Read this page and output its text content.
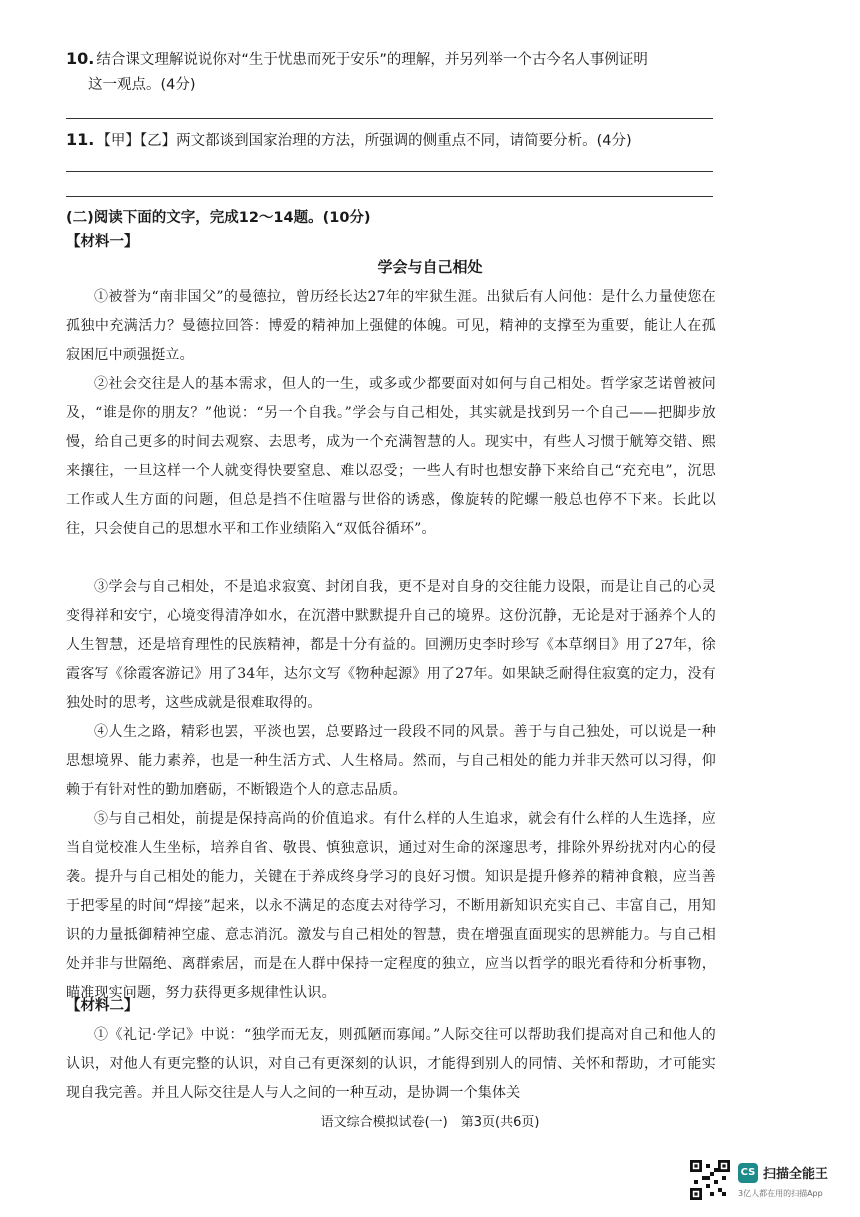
10. 结合课文理解说说你对“生于忧患而死于安乐”的理解，并另列举一个古今名人事例证明
这一观点。(4分)
11. 【甲】【乙】两文都谈到国家治理的方法，所强调的侧重点不同，请简要分析。(4分)
(二)阅读下面的文字，完成12～14题。(10分)
【材料一】
学会与自己相处

①被誉为“南非国父”的曼德拉，曾历经长达27年的牢狱生涯。出狱后有人问他：是什么力量使您在孤独中充满活力？曼德拉回答：博爱的精神加上强健的体魄。可见，精神的支撑至为重要，能让人在孤寂困厄中顽强挺立。

②社会交往是人的基本需求，但人的一生，或多或少都要面对如何与自己相处。哲学家芝诺曾被问及，“谁是你的朋友？”他说：“另一个自我。”学会与自己相处，其实就是找到另一个自己——把脚步放慢，给自己更多的时间去观察、去思考，成为一个充满智慧的人。现实中，有些人习惯于觥筹交错、熙来攘往，一旦这样一个人就变得快要窒息、难以忍受；一些人有时也想安静下来给自己“充充电”，沉思工作或人生方面的问题，但总是挡不住喧嚣与世俗的诱惑，像旋转的陀螺一般总也停不下来。长此以往，只会使自己的思想水平和工作业绩陷入“双低谷循环”。

③学会与自己相处，不是追求寂寞、封闭自我，更不是对自身的交往能力设限，而是让自己的心灵变得祥和安宁，心境变得清净如水，在沉潜中默默提升自己的境界。这份沉静，无论是对于涵养个人的人生智慧，还是培育理性的民族精神，都是十分有益的。回溯历史李时珍写《本草纲目》用了27年，徐霞客写《徐霞客游记》用了34年，达尔文写《物种起源》用了27年。如果缺乏耐得住寂寞的定力，没有独处时的思考，这些成就是很难取得的。

④人生之路，精彩也罢，平淡也罢，总要路过一段段不同的风景。善于与自己独处，可以说是一种思想境界、能力素养，也是一种生活方式、人生格局。然而，与自己相处的能力并非天然可以习得，仰赖于有针对性的勤加磨砺，不断锻造个人的意志品质。

⑤与自己相处，前提是保持高尚的价值追求。有什么样的人生追求，就会有什么样的人生选择，应当自觉校准人生坐标，培养自省、敬畏、慎独意识，通过对生命的深邃思考，排除外界纷扰对内心的侵袭。提升与自己相处的能力，关键在于养成终身学习的良好习惯。知识是提升修养的精神食粮，应当善于把零星的时间“焊接”起来，以永不满足的态度去对待学习，不断用新知识充实自己、丰富自己，用知识的力量抵御精神空虚、意志消沉。激发与自己相处的智慧，贵在增强直面现实的思辨能力。与自己相处并非与世隔绝、离群索居，而是在人群中保持一定程度的独立，应当以哲学的眼光看待和分析事物，瞄准现实问题，努力获得更多规律性认识。

【材料二】

①《礼记·学记》中说：“独学而无友，则孤陋而寡闻。”人际交往可以帮助我们提高对自己和他人的认识，对他人有更完整的认识，对自己有更深刻的认识，才能得到别人的同情、关怀和帮助，才可能实现自我完善。并且人际交往是人与人之间的一种互动，是协调一个集体关

语文综合模拟试卷(一)　第3页(共6页)
CS 扫描全能王
3亿人都在用的扫描App
